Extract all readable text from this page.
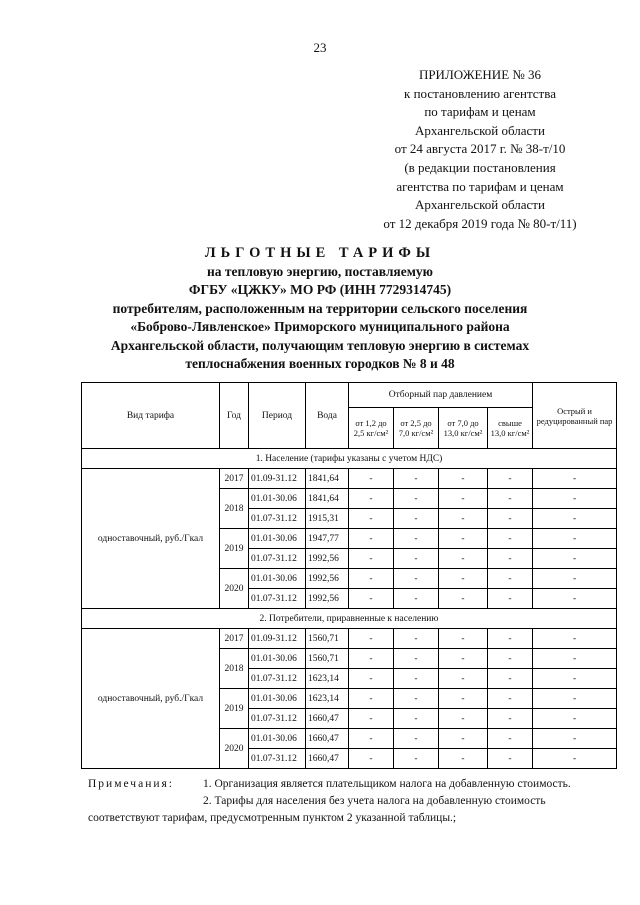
23
ПРИЛОЖЕНИЕ № 36
к постановлению агентства
по тарифам и ценам
Архангельской области
от 24 августа 2017 г. № 38-т/10
(в редакции постановления
агентства по тарифам и ценам
Архангельской области
от 12 декабря 2019 года № 80-т/11)
ЛЬГОТНЫЕ ТАРИФЫ
на тепловую энергию, поставляемую
ФГБУ «ЦЖКУ» МО РФ (ИНН 7729314745)
потребителям, расположенным на территории сельского поселения
«Боброво-Лявленское» Приморского муниципального района
Архангельской области, получающим тепловую энергию в системах
теплоснабжения военных городков № 8 и 48
Вид тарифа	Год	Период	Вода	Отборный пар давлением				Острый и редуцированный пар
				от 1,2 до 2,5 кг/см²	от 2,5 до 7,0 кг/см²	от 7,0 до 13,0 кг/см²	свыше 13,0 кг/см²	
1. Население (тарифы указаны с учетом НДС)								
одноставочный, руб./Гкал	2017	01.09-31.12	1841,64	-	-	-	-	-
	2018	01.01-30.06	1841,64	-	-	-	-	-
		01.07-31.12	1915,31	-	-	-	-	-
	2019	01.01-30.06	1947,77	-	-	-	-	-
		01.07-31.12	1992,56	-	-	-	-	-
	2020	01.01-30.06	1992,56	-	-	-	-	-
		01.07-31.12	1992,56	-	-	-	-	-
2. Потребители, приравненные к населению								
одноставочный, руб./Гкал	2017	01.09-31.12	1560,71	-	-	-	-	-
	2018	01.01-30.06	1560,71	-	-	-	-	-
		01.07-31.12	1623,14	-	-	-	-	-
	2019	01.01-30.06	1623,14	-	-	-	-	-
		01.07-31.12	1660,47	-	-	-	-	-
	2020	01.01-30.06	1660,47	-	-	-	-	-
		01.07-31.12	1660,47	-	-	-	-	-
Примечания:	1. Организация является плательщиком налога на добавленную стоимость.
2. Тарифы для населения без учета налога на добавленную стоимость
соответствуют тарифам, предусмотренным пунктом 2 указанной таблицы.;
